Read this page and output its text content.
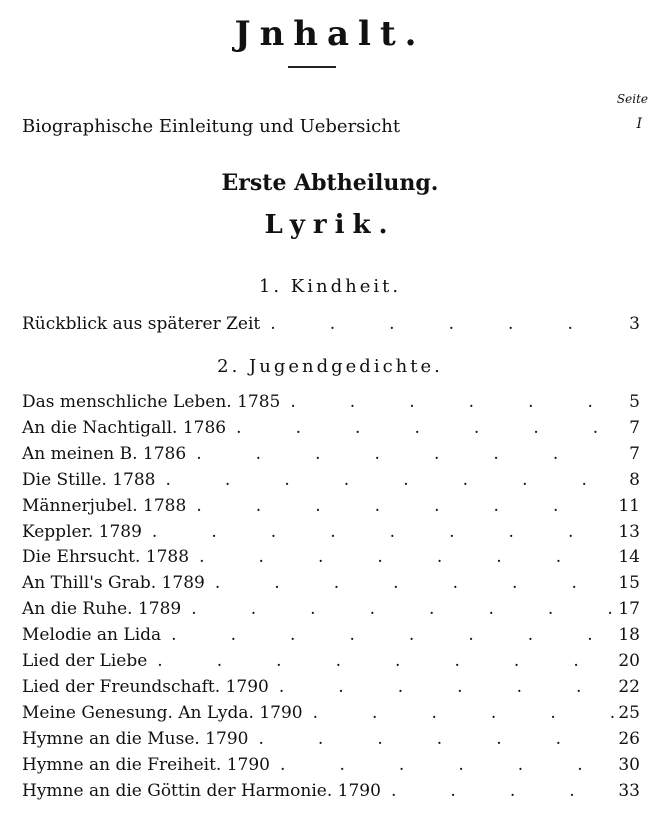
Jnhalt.
Seite
Biographische Einleitung und Uebersicht	I
Erste Abtheilung.
Lyrik.
1. Kindheit.
Rückblick aus späterer Zeit .	3
2. Jugendgedichte.
Das menschliche Leben. 1785 .	5
An die Nachtigall. 1786 .	7
An meinen B. 1786 .	7
Die Stille. 1788 .	8
Männerjubel. 1788 .	11
Keppler. 1789 .	13
Die Ehrsucht. 1788 .	14
An Thill's Grab. 1789 .	15
An die Ruhe. 1789 .	17
Melodie an Lida .	18
Lied der Liebe .	20
Lied der Freundschaft. 1790 .	22
Meine Genesung. An Lyda. 1790 .	25
Hymne an die Muse. 1790 .	26
Hymne an die Freiheit. 1790 .	30
Hymne an die Göttin der Harmonie. 1790 .	33
